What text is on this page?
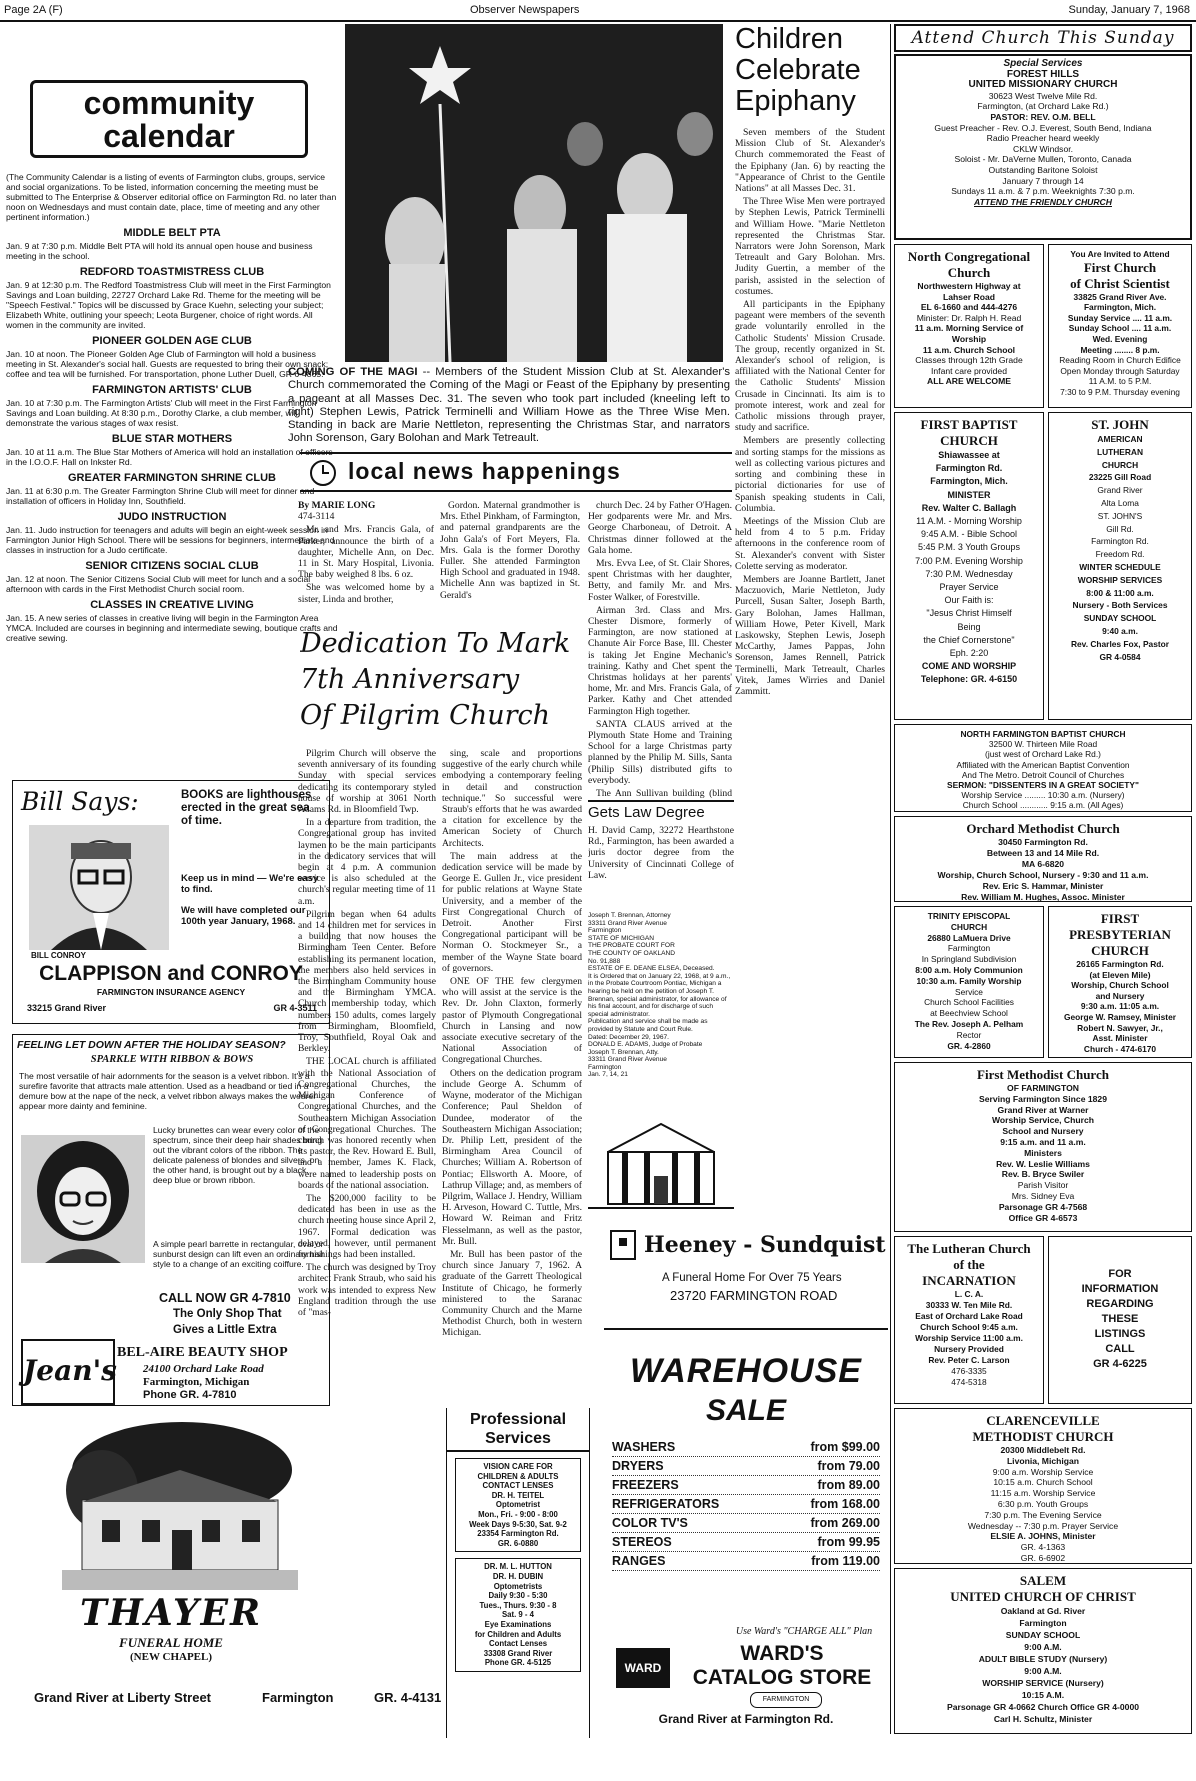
Page 2A (F)	Observer Newspapers	Sunday, January 7, 1968
community
calendar
(The Community Calendar is a listing of events of Farmington clubs, groups, service and social organizations. To be listed, information concerning the meeting must be submitted to The Enterprise & Observer editorial office on Farmington Rd. no later than noon on Wednesdays and must contain date, place, time of meeting and any other pertinent information.)
MIDDLE BELT PTA
Jan. 9 at 7:30 p.m. Middle Belt PTA will hold its annual open house and business meeting in the school.
REDFORD TOASTMISTRESS CLUB
Jan. 9 at 12:30 p.m. The Redford Toastmistress Club will meet in the First Farmington Savings and Loan building, 22727 Orchard Lake Rd. Theme for the meeting will be "Speech Festival." Topics will be discussed by Grace Kuehn, selecting your subject; Elizabeth White, outlining your speech; Leota Burgener, choice of right words. All women in the community are invited.
PIONEER GOLDEN AGE CLUB
Jan. 10 at noon. The Pioneer Golden Age Club of Farmington will hold a business meeting in St. Alexander's social hall. Guests are requested to bring their own snack; coffee and tea will be furnished. For transportation, phone Luther Duell, GR 6-4865.
FARMINGTON ARTISTS' CLUB
Jan. 10 at 7:30 p.m. The Farmington Artists' Club will meet in the First Farmington Savings and Loan building. At 8:30 p.m., Dorothy Clarke, a club member, will demonstrate the various stages of wax resist.
BLUE STAR MOTHERS
Jan. 10 at 11 a.m. The Blue Star Mothers of America will hold an installation of officers in the I.O.O.F. Hall on Inkster Rd.
GREATER FARMINGTON SHRINE CLUB
Jan. 11 at 6:30 p.m. The Greater Farmington Shrine Club will meet for dinner and installation of officers in Holiday Inn, Southfield.
JUDO INSTRUCTION
Jan. 11. Judo instruction for teenagers and adults will begin an eight-week session in Farmington Junior High School. There will be sessions for beginners, intermediate and classes in instruction for a Judo certificate.
SENIOR CITIZENS SOCIAL CLUB
Jan. 12 at noon. The Senior Citizens Social Club will meet for lunch and a social afternoon with cards in the First Methodist Church social room.
CLASSES IN CREATIVE LIVING
Jan. 15. A new series of classes in creative living will begin in the Farmington Area YMCA. Included are courses in beginning and intermediate sewing, boutique crafts and creative sewing.
Bill Says:	BOOKS are lighthouses erected in the great sea of time.
Keep us in mind — We're easy to find.
We will have completed our 100th year January, 1968.
BILL CONROY
CLAPPISON and CONROY
FARMINGTON INSURANCE AGENCY
33215 Grand River	GR 4-3511
FEELING LET DOWN AFTER THE HOLIDAY SEASON?
SPARKLE WITH RIBBON & BOWS
The most versatile of hair adornments for the season is a velvet ribbon. It's a surefire favorite that attracts male attention. Used as a headband or tied in a demure bow at the nape of the neck, a velvet ribbon always makes the wearer appear more dainty and feminine.
Lucky brunettes can wear every color of the spectrum, since their deep hair shades bring out the vibrant colors of the ribbon. The delicate paleness of blondes and silvers, on the other hand, is brought out by a black, deep blue or brown ribbon.
A simple pearl barrette in rectangular, oval or sunburst design can lift even an ordinary hair style to a change of an exciting coiffure.
CALL NOW GR 4-7810
The Only Shop That
Gives a Little Extra
Jean's
BEL-AIRE BEAUTY SHOP
24100 Orchard Lake Road
Farmington, Michigan
Phone GR. 4-7810
THAYER
FUNERAL HOME
(NEW CHAPEL)
Grand River at Liberty Street	Farmington	GR. 4-4131
COMING OF THE MAGI -- Members of the Student Mission Club at St. Alexander's Church commemorated the Coming of the Magi or Feast of the Epiphany by presenting a pageant at all Masses Dec. 31. The seven who took part included (kneeling left to right) Stephen Lewis, Patrick Terminelli and William Howe as the Three Wise Men. Standing in back are Marie Nettleton, representing the Christmas Star, and narrators John Sorenson, Gary Bolohan and Mark Tetreault.
Children
Celebrate
Epiphany

Seven members of the Student Mission Club of St. Alexander's Church commemorated the Feast of the Epiphany (Jan. 6) by reacting the "Appearance of Christ to the Gentile Nations" at all Masses Dec. 31.

The Three Wise Men were portrayed by Stephen Lewis, Patrick Terminelli and William Howe. "Marie Nettleton represented the Christmas Star. Narrators were John Sorenson, Mark Tetreault and Gary Bolohan. Mrs. Judity Guertin, a member of the parish, assisted in the selection of costumes.

All participants in the Epiphany pageant were members of the seventh grade voluntarily enrolled in the Catholic Students' Mission Crusade. The group, recently organized in St. Alexander's school of religion, is affiliated with the National Center for the Catholic Students' Mission Crusade in Cincinnati. Its aim is to promote interest, work and zeal for Catholic missions through prayer, study and sacrifice.

Members are presently collecting and sorting stamps for the missions as well as collecting various pictures and sorting and combining these in pictorial dictionaries for use of Spanish speaking students in Cali, Columbia.

Meetings of the Mission Club are held from 4 to 5 p.m. Friday afternoons in the conference room of St. Alexander's convent with Sister Colette serving as moderator.

Members are Joanne Bartlett, Janet Maczuovich, Marie Nettleton, Judy Purcell, Susan Salter, Joseph Barth, Gary Bolohan, James Hallman, William Howe, Peter Kivell, Mark Laskowsky, Stephen Lewis, Joseph McCarthy, James Pappas, John Sorenson, James Rennell, Patrick Terminelli, Mark Tetreault, Charles Vitek, James Wirries and Daniel Zammitt.

local news happenings
By MARIE LONG
474-3114

Mr. and Mrs. Francis Gala, of Parker, announce the birth of a daughter, Michelle Ann, on Dec. 11 in St. Mary Hospital, Livonia. The baby weighed 8 lbs. 6 oz.

She was welcomed home by a sister, Linda and brother,

Gordon. Maternal grandmother is Mrs. Ethel Pinkham, of Farmington, and paternal grandparents are the John Gala's of Fort Meyers, Fla. Mrs. Gala is the former Dorothy Fuller. She attended Farmington High School and graduated in 1948. Michelle Ann was baptized in St. Gerald's

church Dec. 24 by Father O'Hagen. Her godparents were Mr. and Mrs. George Charboneau, of Detroit. A Christmas dinner followed at the Gala home.

Mrs. Evva Lee, of St. Clair Shores, spent Christmas with her daughter, Betty, and family Mr. and Mrs. Foster Walker, of Forestville.

Airman 3rd. Class and Mrs. Chester Dismore, formerly of Farmington, are now stationed at Chanute Air Force Base, Ill. Chester is taking Jet Engine Mechanic's training. Kathy and Chet spent the Christmas holidays at her parents' home, Mr. and Mrs. Francis Gala, of Parker. Kathy and Chet attended Farmington High together.

SANTA CLAUS arrived at the Plymouth State Home and Training School for a large Christmas party planned by the Philip M. Sills, Santa (Philip Sills) distributed gifts to everybody.

The Ann Sullivan building (blind

Dedication To Mark
7th Anniversary
Of Pilgrim Church

Pilgrim Church will observe the seventh anniversary of its founding Sunday with special services dedicating its contemporary styled house of worship at 3061 North Adams Rd. in Bloomfield Twp.

In a departure from tradition, the Congregational group has invited laymen to be the main participants in the dedicatory services that will begin at 4 p.m. A communion service is also scheduled at the church's regular meeting time of 11 a.m.

Pilgrim began when 64 adults and 14 children met for services in a building that now houses the Birmingham Teen Center. Before establishing its permanent location, the members also held services in the Birmingham Community house and the Birmingham YMCA. Church membership today, which numbers 150 adults, comes largely from Birmingham, Bloomfield, Troy, Southfield, Royal Oak and Berkley.

THE LOCAL church is affiliated with the National Association of Congregational Churches, the Michigan Conference of Congregational Churches, and the Southeastern Michigan Association of Congregational Churches. The church was honored recently when its pastor, the Rev. Howard E. Bull, and a member, James K. Flack, were named to leadership posts on boards of the national association.

The $200,000 facility to be dedicated has been in use as the church meeting house since April 2, 1967. Formal dedication was delayed, however, until permanent furnishings had been installed.

The church was designed by Troy architect Frank Straub, who said his work was intended to express New England tradition through the use of "mas-

sing, scale and proportions suggestive of the early church while embodying a contemporary feeling in detail and construction technique." So successful were Straub's efforts that he was awarded a citation for excellence by the American Society of Church Architects.

The main address at the dedication service will be made by George E. Gullen Jr., vice president for public relations at Wayne State University, and a member of the First Congregational Church of Detroit. Another First Congregational participant will be Norman O. Stockmeyer Sr., a member of the Wayne State board of governors.

ONE OF THE few clergymen who will assist at the service is the Rev. Dr. John Claxton, formerly pastor of Plymouth Congregational Church in Lansing and now associate executive secretary of the National Association of Congregational Churches.

Others on the dedication program include George A. Schumm of Wayne, moderator of the Michigan Conference; Paul Sheldon of Dundee, moderator of the Southeastern Michigan Association; Dr. Philip Lett, president of the Birmingham Area Council of Churches; William A. Robertson of Pontiac; Ellsworth A. Moore, of Lathrup Village; and, as members of Pilgrim, Wallace J. Hendry, William H. Arveson, Howard C. Tuttle, Mrs. Howard W. Reiman and Fritz Flesselmann, as well as the pastor, Mr. Bull.

Mr. Bull has been pastor of the church since January 7, 1962. A graduate of the Garrett Theological Institute of Chicago, he formerly ministered to the Saranac Community Church and the Marne Methodist Church, both in western Michigan.

Gets Law Degree
H. David Camp, 32272 Hearthstone Rd., Farmington, has been awarded a juris doctor degree from the University of Cincinnati College of Law.
Joseph T. Brennan, Attorney
33311 Grand River Avenue
Farmington
STATE OF MICHIGAN
THE PROBATE COURT FOR
THE COUNTY OF OAKLAND
No. 91,888
ESTATE OF E. DEANE ELSEA, Deceased.
It is Ordered that on January 22, 1968, at 9 a.m., in the Probate Courtroom Pontiac, Michigan a hearing be held on the petition of Joseph T. Brennan, special administrator, for allowance of his final account, and for discharge of such special administrator.
Publication and service shall be made as provided by Statute and Court Rule.
Dated: December 29, 1967.
DONALD E. ADAMS, Judge of Probate
Joseph T. Brennan, Atty.
33311 Grand River Avenue
Farmington
Jan. 7, 14, 21
Heeney - Sundquist
A Funeral Home For Over 75 Years
23720 FARMINGTON ROAD
Professional Services
VISION CARE FOR
CHILDREN & ADULTS
CONTACT LENSES
DR. H. TEITEL
Optometrist
Mon., Fri. - 9:00 - 8:00
Week Days 9-5:30, Sat. 9-2
23354 Farmington Rd.
GR. 6-0880
DR. M. L. HUTTON
DR. H. DUBIN
Optometrists
Daily 9:30 - 5:30
Tues., Thurs. 9:30 - 8
Sat. 9 - 4
Eye Examinations
for Children and Adults
Contact Lenses
33308 Grand River
Phone GR. 4-5125
WAREHOUSE
SALE
WASHERS	from $99.00
DRYERS	from 79.00
FREEZERS	from 89.00
REFRIGERATORS	from 168.00
COLOR TV'S	from 269.00
STEREOS	from 99.95
RANGES	from 119.00
Use Ward's "CHARGE ALL" Plan
WARD
WARD'S
CATALOG STORE
FARMINGTON
Grand River at Farmington Rd.
Attend Church This Sunday
Special Services
FOREST HILLS
UNITED MISSIONARY CHURCH
30623 West Twelve Mile Rd.
Farmington, (at Orchard Lake Rd.)
PASTOR: REV. O.M. BELL
Guest Preacher - Rev. O.J. Everest, South Bend, Indiana
Radio Preacher heard weekly
CKLW Windsor.
Soloist - Mr. DaVerne Mullen, Toronto, Canada
Outstanding Baritone Soloist
January 7 through 14
Sundays 11 a.m. & 7 p.m. Weeknights 7:30 p.m.
ATTEND THE FRIENDLY CHURCH
North Congregational
Church
Northwestern Highway at
Lahser Road
EL 6-1660 and 444-4276
Minister: Dr. Ralph H. Read
11 a.m. Morning Service of
Worship
11 a.m. Church School
Classes through 12th Grade
Infant care provided
ALL ARE WELCOME
You Are Invited to Attend
First Church
of Christ Scientist
33825 Grand River Ave.
Farmington, Mich.
Sunday Service .... 11 a.m.
Sunday School .... 11 a.m.
Wed. Evening
Meeting ........ 8 p.m.
Reading Room in Church Edifice
Open Monday through Saturday
11 A.M. to 5 P.M.
7:30 to 9 P.M. Thursday evening
FIRST BAPTIST
CHURCH
Shiawassee at
Farmington Rd.
Farmington, Mich.
MINISTER
Rev. Walter C. Ballagh
11 A.M. - Morning Worship
9:45 A.M. - Bible School
5:45 P.M. 3 Youth Groups
7:00 P.M. Evening Worship
7:30 P.M. Wednesday
Prayer Service
Our Faith is:
"Jesus Christ Himself
Being
the Chief Cornerstone"
Eph. 2:20
COME AND WORSHIP
Telephone: GR. 4-6150
ST. JOHN
AMERICAN
LUTHERAN
CHURCH
23225 Gill Road
Grand River
Alta Loma
ST. JOHN'S
Gill Rd.
Farmington Rd.
Freedom Rd.
WINTER SCHEDULE
WORSHIP SERVICES
8:00 & 11:00 a.m.
Nursery - Both Services
SUNDAY SCHOOL
9:40 a.m.
Rev. Charles Fox, Pastor
GR 4-0584
NORTH FARMINGTON BAPTIST CHURCH
32500 W. Thirteen Mile Road
(just west of Orchard Lake Rd.)
Affiliated with the American Baptist Convention
And The Metro. Detroit Council of Churches
SERMON: "DISSENTERS IN A GREAT SOCIETY"
Worship Service ......... 10:30 a.m. (Nursery)
Church School ............ 9:15 a.m. (All Ages)
Orchard Methodist Church
30450 Farmington Rd.
Between 13 and 14 Mile Rd.
MA 6-6820
Worship, Church School, Nursery - 9:30 and 11 a.m.
Rev. Eric S. Hammar, Minister
Rev. William M. Hughes, Assoc. Minister
TRINITY EPISCOPAL
CHURCH
26880 LaMuera Drive
Farmington
In Springland Subdivision
8:00 a.m. Holy Communion
10:30 a.m. Family Worship
Service
Church School Facilities
at Beechview School
The Rev. Joseph A. Pelham
Rector
GR. 4-2860
FIRST
PRESBYTERIAN
CHURCH
26165 Farmington Rd.
(at Eleven Mile)
Worship, Church School
and Nursery
9:30 a.m. 11:05 a.m.
George W. Ramsey, Minister
Robert N. Sawyer, Jr.,
Asst. Minister
Church - 474-6170
First Methodist Church
OF FARMINGTON
Serving Farmington Since 1829
Grand River at Warner
Worship Service, Church
School and Nursery
9:15 a.m. and 11 a.m.
Ministers
Rev. W. Leslie Williams
Rev. B. Bryce Swiler
Parish Visitor
Mrs. Sidney Eva
Parsonage GR 4-7568
Office GR 4-6573
The Lutheran Church
of the
INCARNATION
L. C. A.
30333 W. Ten Mile Rd.
East of Orchard Lake Road
Church School 9:45 a.m.
Worship Service 11:00 a.m.
Nursery Provided
Rev. Peter C. Larson
476-3335
474-5318
FOR
INFORMATION
REGARDING
THESE
LISTINGS
CALL
GR 4-6225
CLARENCEVILLE
METHODIST CHURCH
20300 Middlebelt Rd.
Livonia, Michigan
9:00 a.m. Worship Service
10:15 a.m. Church School
11:15 a.m. Worship Service
6:30 p.m. Youth Groups
7:30 p.m. The Evening Service
Wednesday -- 7:30 p.m. Prayer Service
ELSIE A. JOHNS, Minister
GR. 4-1363
GR. 6-6902
SALEM
UNITED CHURCH OF CHRIST
Oakland at Gd. River
Farmington
SUNDAY SCHOOL
9:00 A.M.
ADULT BIBLE STUDY (Nursery)
9:00 A.M.
WORSHIP SERVICE (Nursery)
10:15 A.M.
Parsonage GR 4-0662 Church Office GR 4-0000
Carl H. Schultz, Minister
